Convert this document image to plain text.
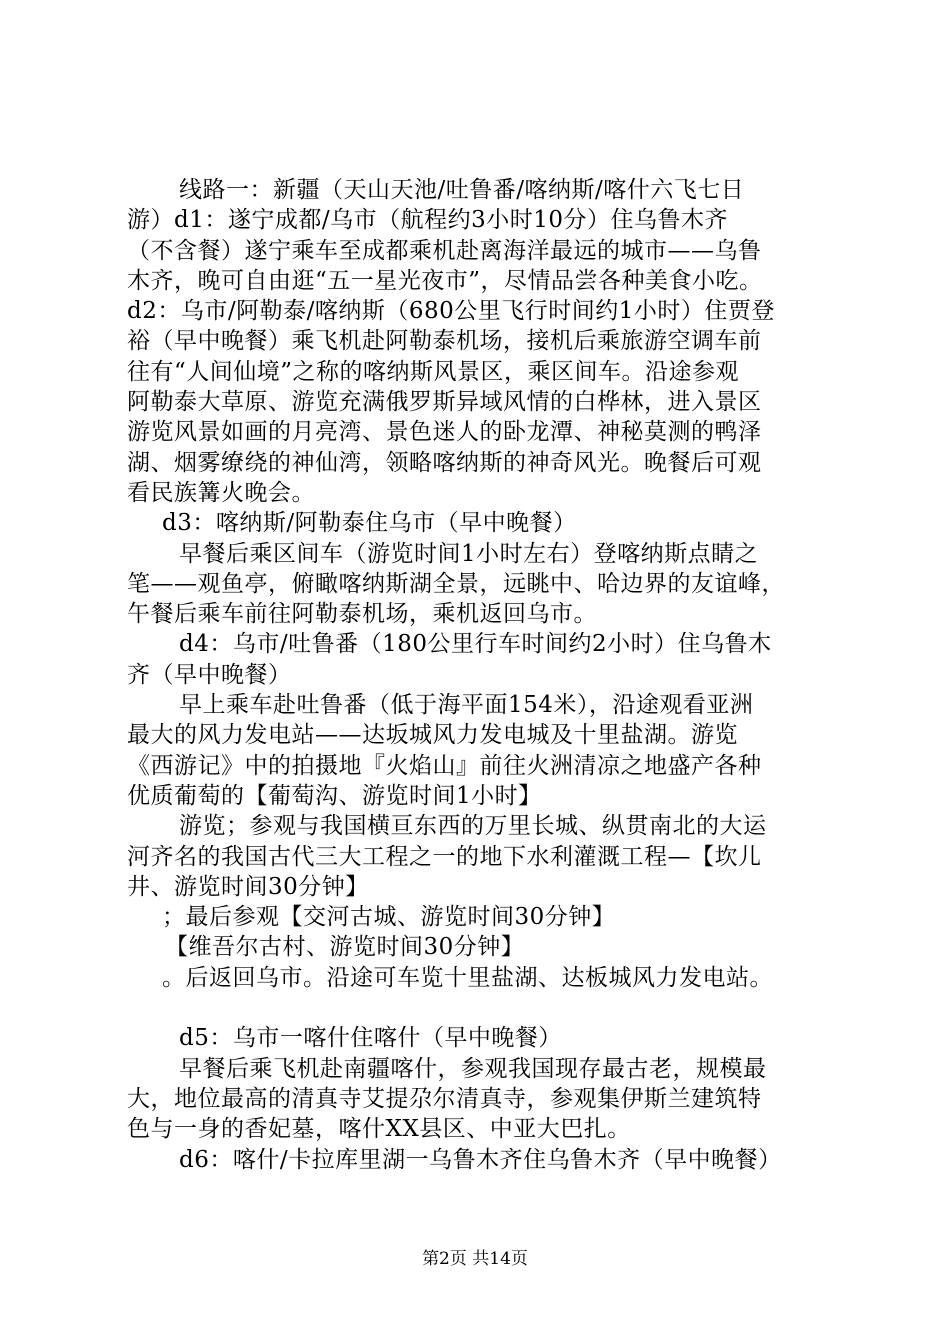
线路一：新疆（天山天池/吐鲁番/喀纳斯/喀什六飞七日
游）d1：遂宁成都/乌市（航程约3小时10分）住乌鲁木齐
（不含餐）遂宁乘车至成都乘机赴离海洋最远的城市——乌鲁
木齐，晚可自由逛“五一星光夜市”，尽情品尝各种美食小吃。
d2：乌市/阿勒泰/喀纳斯（680公里飞行时间约1小时）住贾登
裕（早中晚餐）乘飞机赴阿勒泰机场，接机后乘旅游空调车前
往有“人间仙境”之称的喀纳斯风景区，乘区间车。沿途参观
阿勒泰大草原、游览充满俄罗斯异域风情的白桦林，进入景区
游览风景如画的月亮湾、景色迷人的卧龙潭、神秘莫测的鸭泽
湖、烟雾缭绕的神仙湾，领略喀纳斯的神奇风光。晚餐后可观
看民族篝火晚会。
d3：喀纳斯/阿勒泰住乌市（早中晚餐）
早餐后乘区间车（游览时间1小时左右）登喀纳斯点睛之
笔——观鱼亭，俯瞰喀纳斯湖全景，远眺中、哈边界的友谊峰，
午餐后乘车前往阿勒泰机场，乘机返回乌市。
d4：乌市/吐鲁番（180公里行车时间约2小时）住乌鲁木
齐（早中晚餐）
早上乘车赴吐鲁番（低于海平面154米），沿途观看亚洲
最大的风力发电站——达坂城风力发电城及十里盐湖。游览
《西游记》中的拍摄地『火焰山』前往火洲清凉之地盛产各种
优质葡萄的【葡萄沟、游览时间1小时】
游览；参观与我国横亘东西的万里长城、纵贯南北的大运
河齐名的我国古代三大工程之一的地下水利灌溉工程—【坎儿
井、游览时间30分钟】
；最后参观【交河古城、游览时间30分钟】
【维吾尔古村、游览时间30分钟】
。后返回乌市。沿途可车览十里盐湖、达板城风力发电站。
d5：乌市一喀什住喀什（早中晚餐）
早餐后乘飞机赴南疆喀什，参观我国现存最古老，规模最
大，地位最高的清真寺艾提尕尔清真寺，参观集伊斯兰建筑特
色与一身的香妃墓，喀什XX县区、中亚大巴扎。
d6：喀什/卡拉库里湖一乌鲁木齐住乌鲁木齐（早中晚餐）
第2页 共14页
